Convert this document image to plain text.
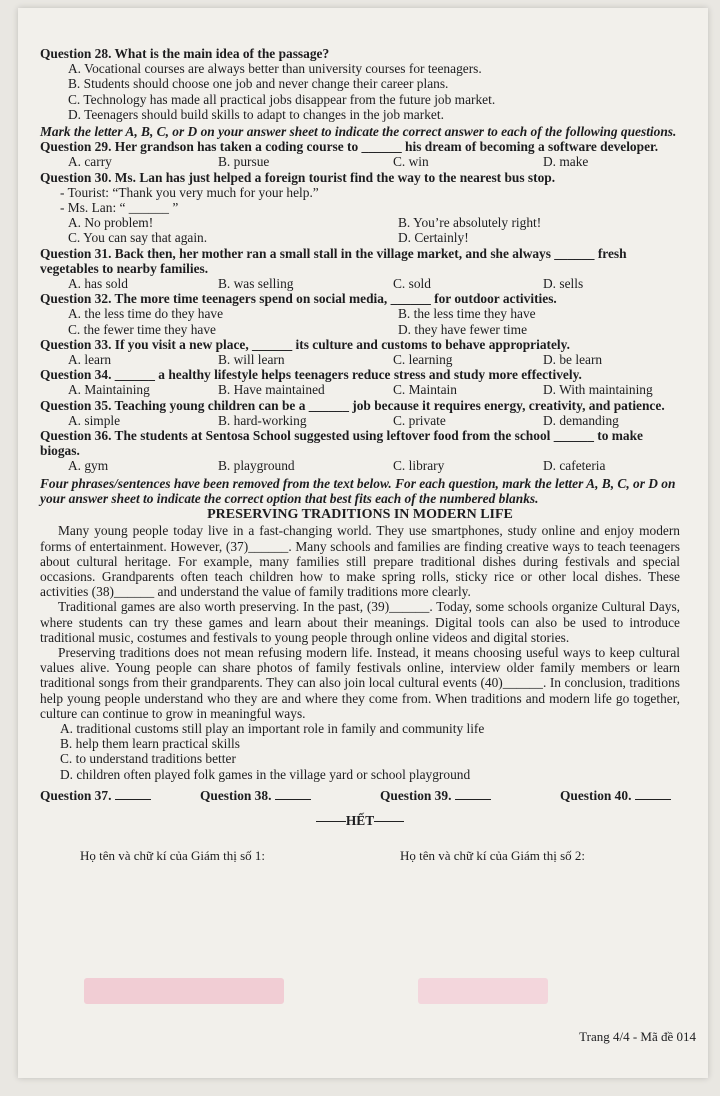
Question 28. What is the main idea of the passage?
A. Vocational courses are always better than university courses for teenagers.
B. Students should choose one job and never change their career plans.
C. Technology has made all practical jobs disappear from the future job market.
D. Teenagers should build skills to adapt to changes in the job market.
Mark the letter A, B, C, or D on your answer sheet to indicate the correct answer to each of the following questions.
Question 29. Her grandson has taken a coding course to ______ his dream of becoming a software developer.
A. carry	B. pursue	C. win	D. make
Question 30. Ms. Lan has just helped a foreign tourist find the way to the nearest bus stop.
- Tourist: “Thank you very much for your help.”
- Ms. Lan: “ ______ ”
A. No problem!	B. You’re absolutely right!
C. You can say that again.	D. Certainly!
Question 31. Back then, her mother ran a small stall in the village market, and she always ______ fresh vegetables to nearby families.
A. has sold	B. was selling	C. sold	D. sells
Question 32. The more time teenagers spend on social media, ______ for outdoor activities.
A. the less time do they have	B. the less time they have
C. the fewer time they have	D. they have fewer time
Question 33. If you visit a new place, ______ its culture and customs to behave appropriately.
A. learn	B. will learn	C. learning	D. be learn
Question 34. ______ a healthy lifestyle helps teenagers reduce stress and study more effectively.
A. Maintaining	B. Have maintained	C. Maintain	D. With maintaining
Question 35. Teaching young children can be a ______ job because it requires energy, creativity, and patience.
A. simple	B. hard-working	C. private	D. demanding
Question 36. The students at Sentosa School suggested using leftover food from the school ______ to make biogas.
A. gym	B. playground	C. library	D. cafeteria
Four phrases/sentences have been removed from the text below. For each question, mark the letter A, B, C, or D on your answer sheet to indicate the correct option that best fits each of the numbered blanks.
PRESERVING TRADITIONS IN MODERN LIFE

Many young people today live in a fast-changing world. They use smartphones, study online and enjoy modern forms of entertainment. However, (37)______. Many schools and families are finding creative ways to teach teenagers about cultural heritage. For example, many families still prepare traditional dishes during festivals and special occasions. Grandparents often teach children how to make spring rolls, sticky rice or other local dishes. These activities (38)______ and understand the value of family traditions more clearly.

Traditional games are also worth preserving. In the past, (39)______. Today, some schools organize Cultural Days, where students can try these games and learn about their meanings. Digital tools can also be used to introduce traditional music, costumes and festivals to young people through online videos and digital stories.

Preserving traditions does not mean refusing modern life. Instead, it means choosing useful ways to keep cultural values alive. Young people can share photos of family festivals online, interview older family members or learn traditional songs from their grandparents. They can also join local cultural events (40)______. In conclusion, traditions help young people understand who they are and where they come from. When traditions and modern life go together, culture can continue to grow in meaningful ways.

A. traditional customs still play an important role in family and community life
B. help them learn practical skills
C. to understand traditions better
D. children often played folk games in the village yard or school playground
Question 37.	Question 38.	Question 39.	Question 40.
HẾT
Họ tên và chữ kí của Giám thị số 1:	Họ tên và chữ kí của Giám thị số 2:
Trang 4/4 - Mã đề 014
